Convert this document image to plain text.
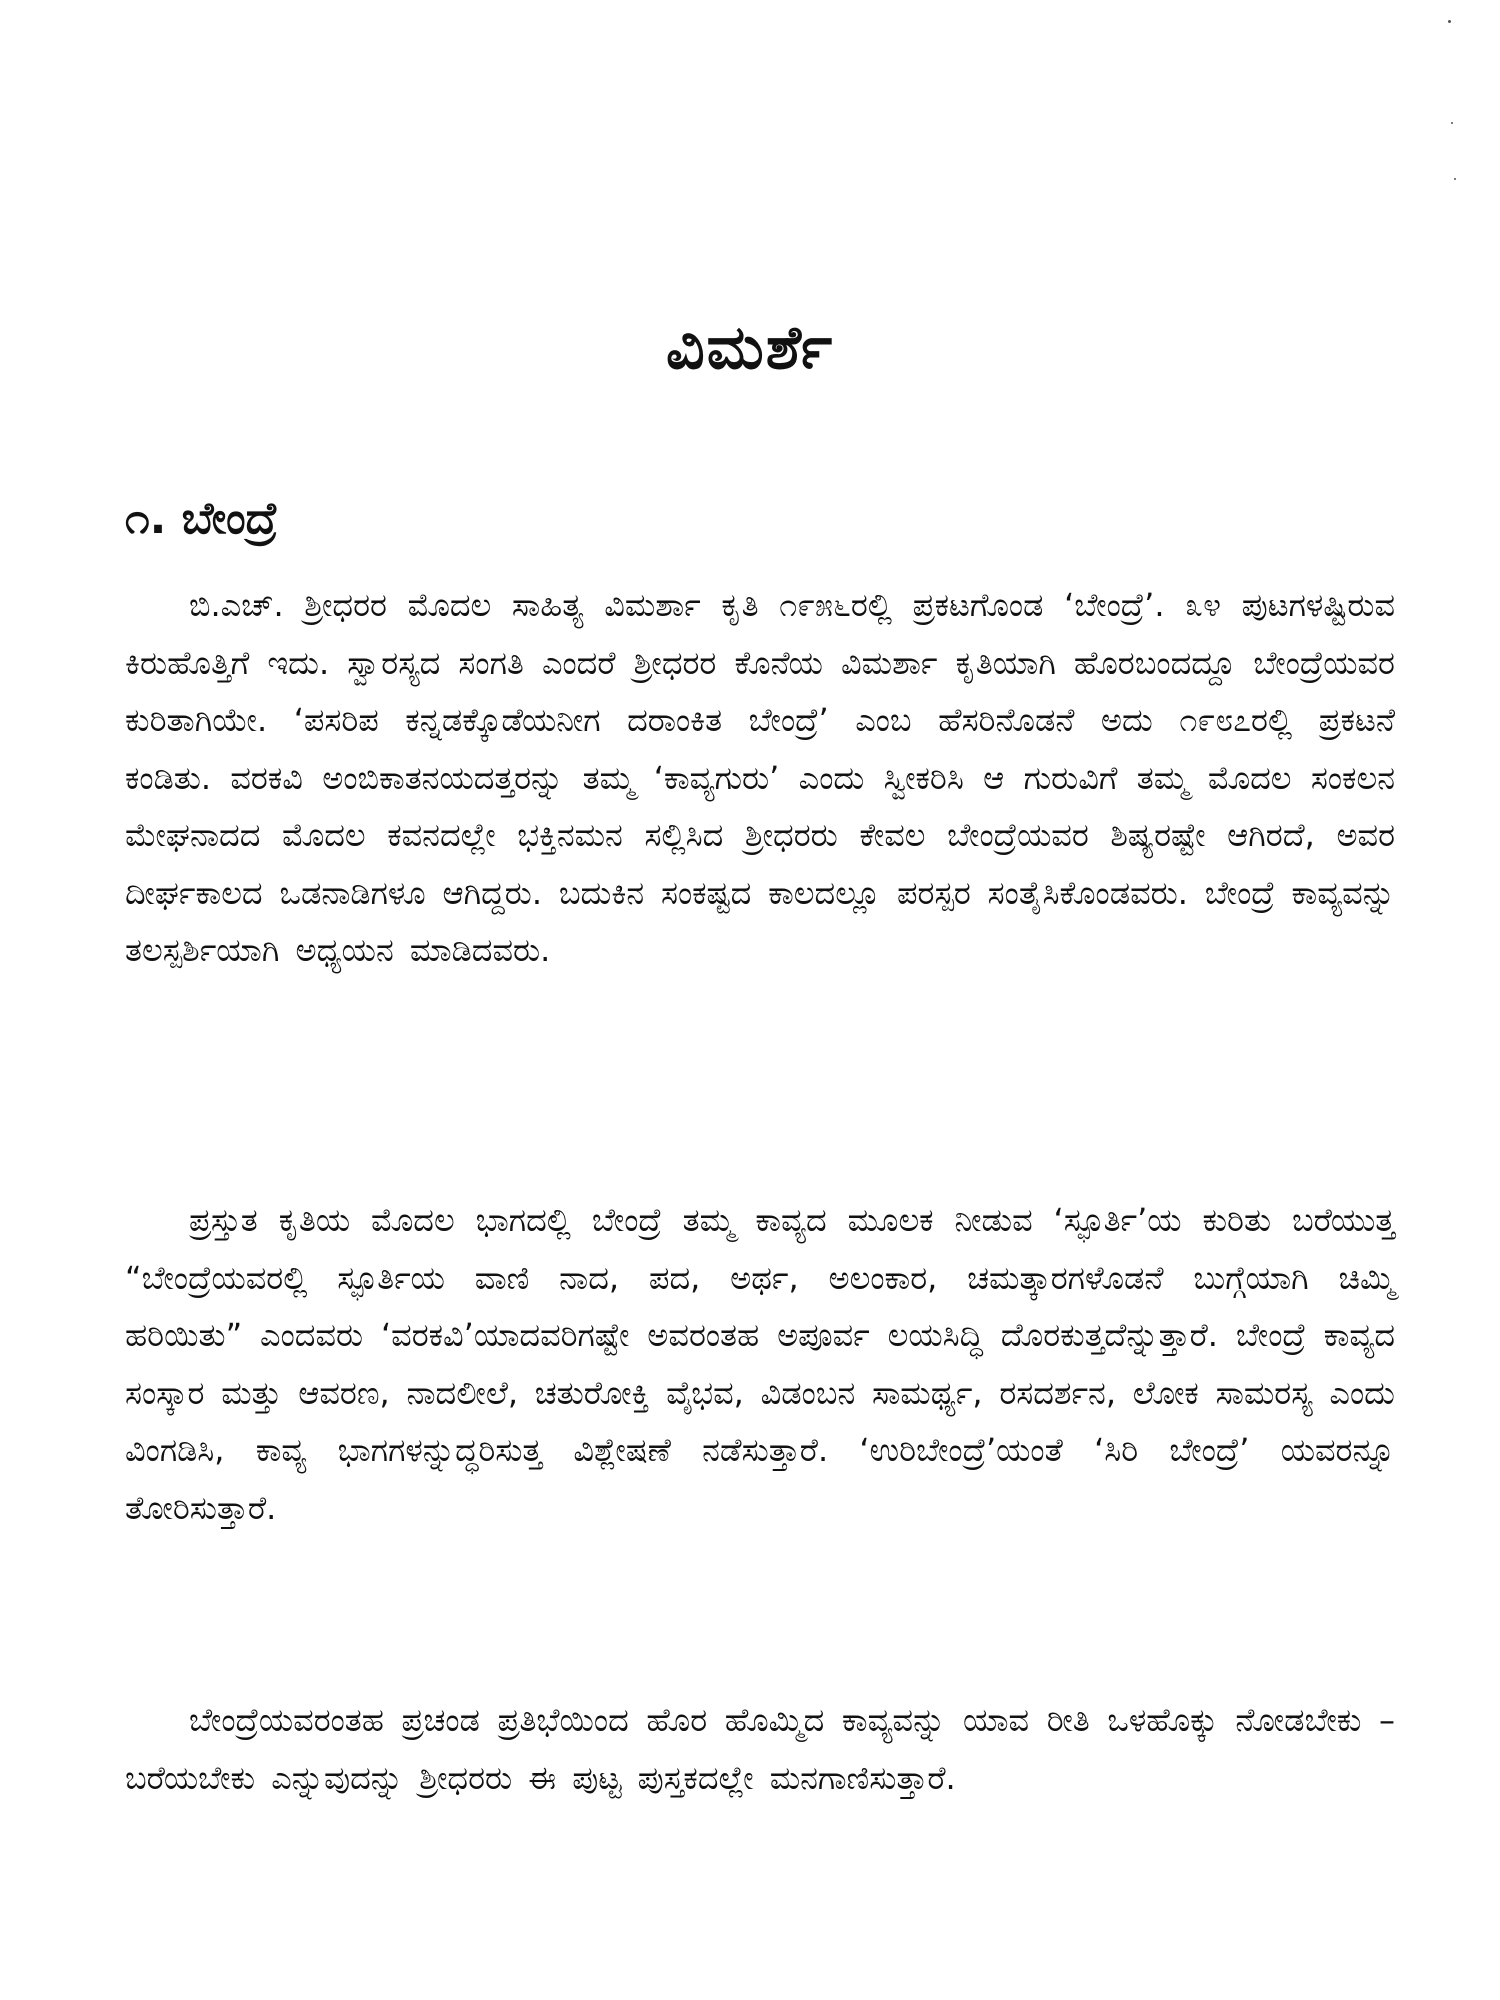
ವಿಮರ್ಶೆ
೧. ಬೇಂದ್ರೆ

ಬಿ.ಎಚ್. ಶ್ರೀಧರರ ಮೊದಲ ಸಾಹಿತ್ಯ ವಿಮರ್ಶಾ ಕೃತಿ ೧೯೫೬ರಲ್ಲಿ ಪ್ರಕಟಗೊಂಡ ‘ಬೇಂದ್ರೆ’. ೩೪ ಪುಟಗಳಷ್ಟಿರುವ ಕಿರುಹೊತ್ತಿಗೆ ಇದು. ಸ್ವಾರಸ್ಯದ ಸಂಗತಿ ಎಂದರೆ ಶ್ರೀಧರರ ಕೊನೆಯ ವಿಮರ್ಶಾ ಕೃತಿಯಾಗಿ ಹೊರಬಂದದ್ದೂ ಬೇಂದ್ರೆಯವರ ಕುರಿತಾಗಿಯೇ. ‘ಪಸರಿಪ ಕನ್ನಡಕ್ಕೊಡೆಯನೀಗ ದರಾಂಕಿತ ಬೇಂದ್ರೆ’ ಎಂಬ ಹೆಸರಿನೊಡನೆ ಅದು ೧೯೮೭ರಲ್ಲಿ ಪ್ರಕಟನೆ ಕಂಡಿತು. ವರಕವಿ ಅಂಬಿಕಾತನಯದತ್ತರನ್ನು ತಮ್ಮ ‘ಕಾವ್ಯಗುರು’ ಎಂದು ಸ್ವೀಕರಿಸಿ ಆ ಗುರುವಿಗೆ ತಮ್ಮ ಮೊದಲ ಸಂಕಲನ ಮೇಘನಾದದ ಮೊದಲ ಕವನದಲ್ಲೇ ಭಕ್ತಿನಮನ ಸಲ್ಲಿಸಿದ ಶ್ರೀಧರರು ಕೇವಲ ಬೇಂದ್ರೆಯವರ ಶಿಷ್ಯರಷ್ಟೇ ಆಗಿರದೆ, ಅವರ ದೀರ್ಘಕಾಲದ ಒಡನಾಡಿಗಳೂ ಆಗಿದ್ದರು. ಬದುಕಿನ ಸಂಕಷ್ಟದ ಕಾಲದಲ್ಲೂ ಪರಸ್ಪರ ಸಂತೈಸಿಕೊಂಡವರು. ಬೇಂದ್ರೆ ಕಾವ್ಯವನ್ನು ತಲಸ್ಪರ್ಶಿಯಾಗಿ ಅಧ್ಯಯನ ಮಾಡಿದವರು.

ಪ್ರಸ್ತುತ ಕೃತಿಯ ಮೊದಲ ಭಾಗದಲ್ಲಿ ಬೇಂದ್ರೆ ತಮ್ಮ ಕಾವ್ಯದ ಮೂಲಕ ನೀಡುವ ‘ಸ್ಫೂರ್ತಿ’ಯ ಕುರಿತು ಬರೆಯುತ್ತ “ಬೇಂದ್ರೆಯವರಲ್ಲಿ ಸ್ಫೂರ್ತಿಯ ವಾಣಿ ನಾದ, ಪದ, ಅರ್ಥ, ಅಲಂಕಾರ, ಚಮತ್ಕಾರಗಳೊಡನೆ ಬುಗ್ಗೆಯಾಗಿ ಚಿಮ್ಮಿ ಹರಿಯಿತು” ಎಂದವರು ‘ವರಕವಿ’ಯಾದವರಿಗಷ್ಟೇ ಅವರಂತಹ ಅಪೂರ್ವ ಲಯಸಿದ್ಧಿ ದೊರಕುತ್ತದೆನ್ನುತ್ತಾರೆ. ಬೇಂದ್ರೆ ಕಾವ್ಯದ ಸಂಸ್ಕಾರ ಮತ್ತು ಆವರಣ, ನಾದಲೀಲೆ, ಚತುರೋಕ್ತಿ ವೈಭವ, ವಿಡಂಬನ ಸಾಮರ್ಥ್ಯ, ರಸದರ್ಶನ, ಲೋಕ ಸಾಮರಸ್ಯ ಎಂದು ವಿಂಗಡಿಸಿ, ಕಾವ್ಯ ಭಾಗಗಳನ್ನುದ್ಧರಿಸುತ್ತ ವಿಶ್ಲೇಷಣೆ ನಡೆಸುತ್ತಾರೆ. ‘ಉರಿಬೇಂದ್ರೆ’ಯಂತೆ ‘ಸಿರಿ ಬೇಂದ್ರೆ’ ಯವರನ್ನೂ ತೋರಿಸುತ್ತಾರೆ.

ಬೇಂದ್ರೆಯವರಂತಹ ಪ್ರಚಂಡ ಪ್ರತಿಭೆಯಿಂದ ಹೊರ ಹೊಮ್ಮಿದ ಕಾವ್ಯವನ್ನು ಯಾವ ರೀತಿ ಒಳಹೊಕ್ಕು ನೋಡಬೇಕು – ಬರೆಯಬೇಕು ಎನ್ನುವುದನ್ನು ಶ್ರೀಧರರು ಈ ಪುಟ್ಟ ಪುಸ್ತಕದಲ್ಲೇ ಮನಗಾಣಿಸುತ್ತಾರೆ.
